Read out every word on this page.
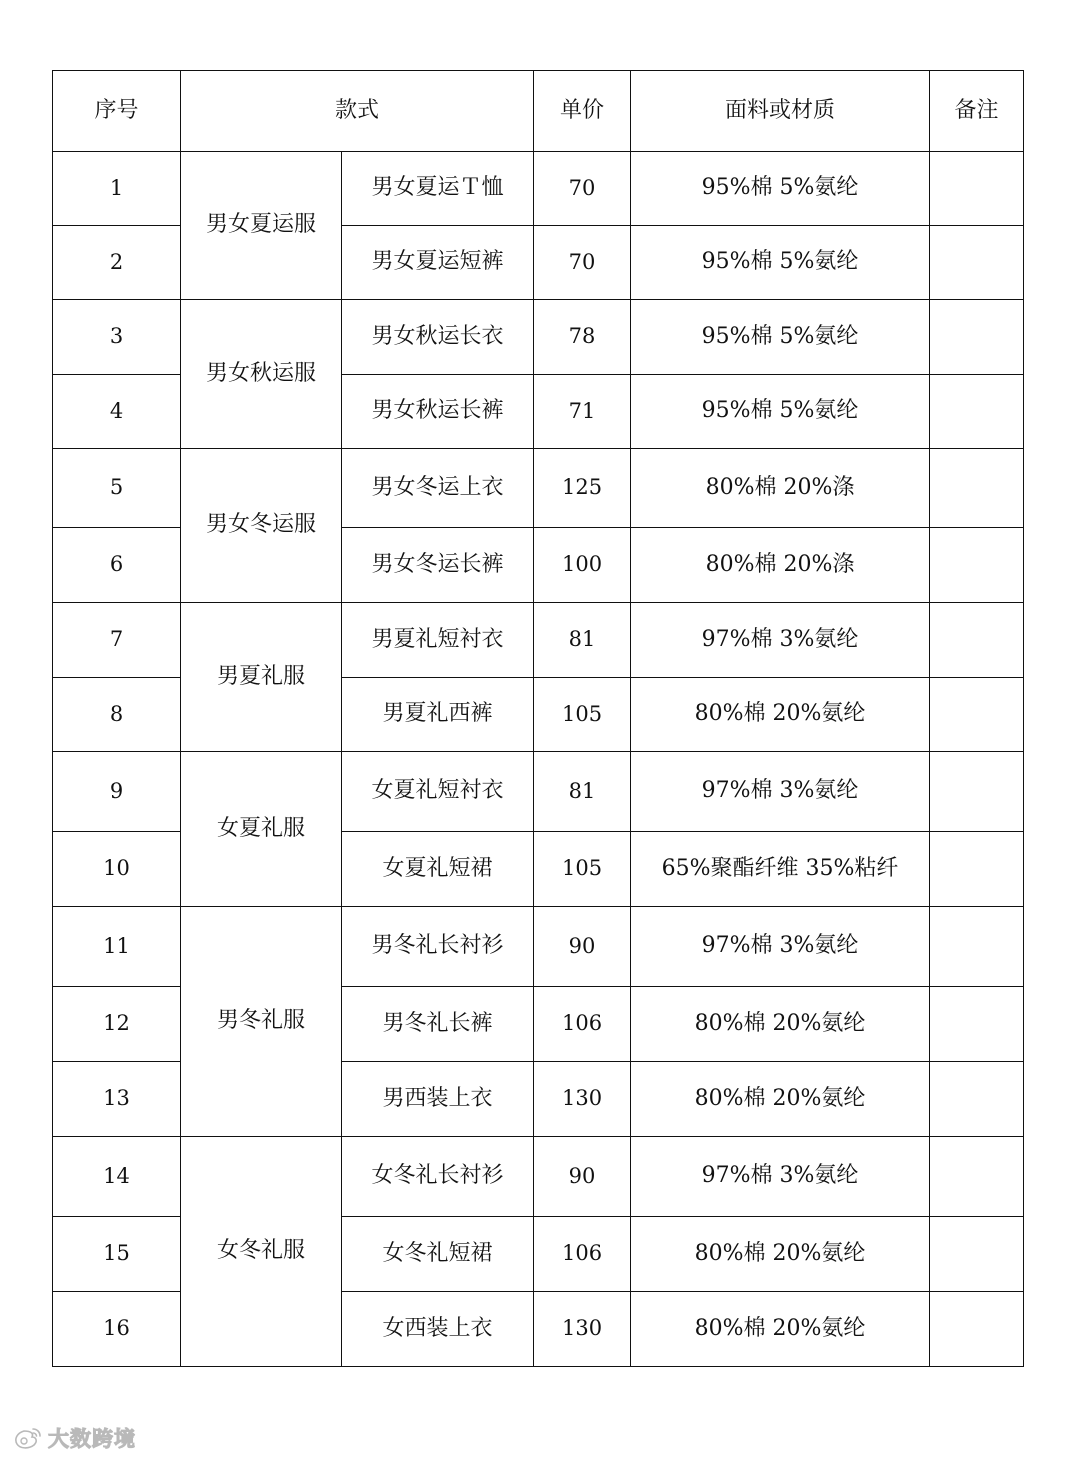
序号	款式		单价	面料或材质	备注
1	男女夏运服	男女夏运Ｔ恤	70	95%棉 5%氨纶	
2		男女夏运短裤	70	95%棉 5%氨纶	
3	男女秋运服	男女秋运长衣	78	95%棉 5%氨纶	
4		男女秋运长裤	71	95%棉 5%氨纶	
5	男女冬运服	男女冬运上衣	125	80%棉 20%涤	
6		男女冬运长裤	100	80%棉 20%涤	
7	男夏礼服	男夏礼短衬衣	81	97%棉 3%氨纶	
8		男夏礼西裤	105	80%棉 20%氨纶	
9	女夏礼服	女夏礼短衬衣	81	97%棉 3%氨纶	
10		女夏礼短裙	105	65%聚酯纤维 35%粘纤	
11	男冬礼服	男冬礼长衬衫	90	97%棉 3%氨纶	
12		男冬礼长裤	106	80%棉 20%氨纶	
13		男西装上衣	130	80%棉 20%氨纶	
14	女冬礼服	女冬礼长衬衫	90	97%棉 3%氨纶	
15		女冬礼短裙	106	80%棉 20%氨纶	
16		女西装上衣	130	80%棉 20%氨纶	
大数跨境
